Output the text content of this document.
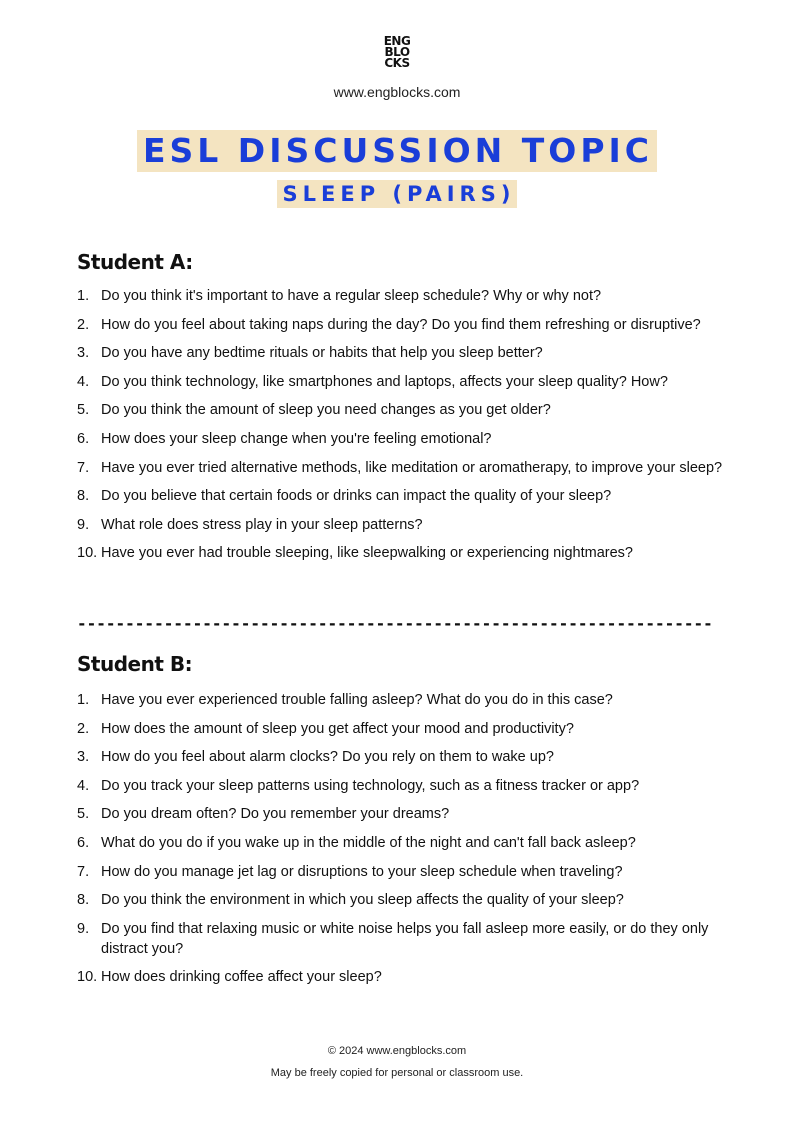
ENG
BLO
CKS
www.engblocks.com
ESL DISCUSSION TOPIC
SLEEP (PAIRS)
Student A:
1. Do you think it's important to have a regular sleep schedule? Why or why not?
2. How do you feel about taking naps during the day? Do you find them refreshing or disruptive?
3. Do you have any bedtime rituals or habits that help you sleep better?
4. Do you think technology, like smartphones and laptops, affects your sleep quality? How?
5. Do you think the amount of sleep you need changes as you get older?
6. How does your sleep change when you're feeling emotional?
7. Have you ever tried alternative methods, like meditation or aromatherapy, to improve your sleep?
8. Do you believe that certain foods or drinks can impact the quality of your sleep?
9. What role does stress play in your sleep patterns?
10. Have you ever had trouble sleeping, like sleepwalking or experiencing nightmares?
------------------------------------------------------------------
Student B:
1. Have you ever experienced trouble falling asleep? What do you do in this case?
2. How does the amount of sleep you get affect your mood and productivity?
3. How do you feel about alarm clocks? Do you rely on them to wake up?
4. Do you track your sleep patterns using technology, such as a fitness tracker or app?
5. Do you dream often? Do you remember your dreams?
6. What do you do if you wake up in the middle of the night and can't fall back asleep?
7. How do you manage jet lag or disruptions to your sleep schedule when traveling?
8. Do you think the environment in which you sleep affects the quality of your sleep?
9. Do you find that relaxing music or white noise helps you fall asleep more easily, or do they only distract you?
10. How does drinking coffee affect your sleep?
© 2024 www.engblocks.com
May be freely copied for personal or classroom use.
